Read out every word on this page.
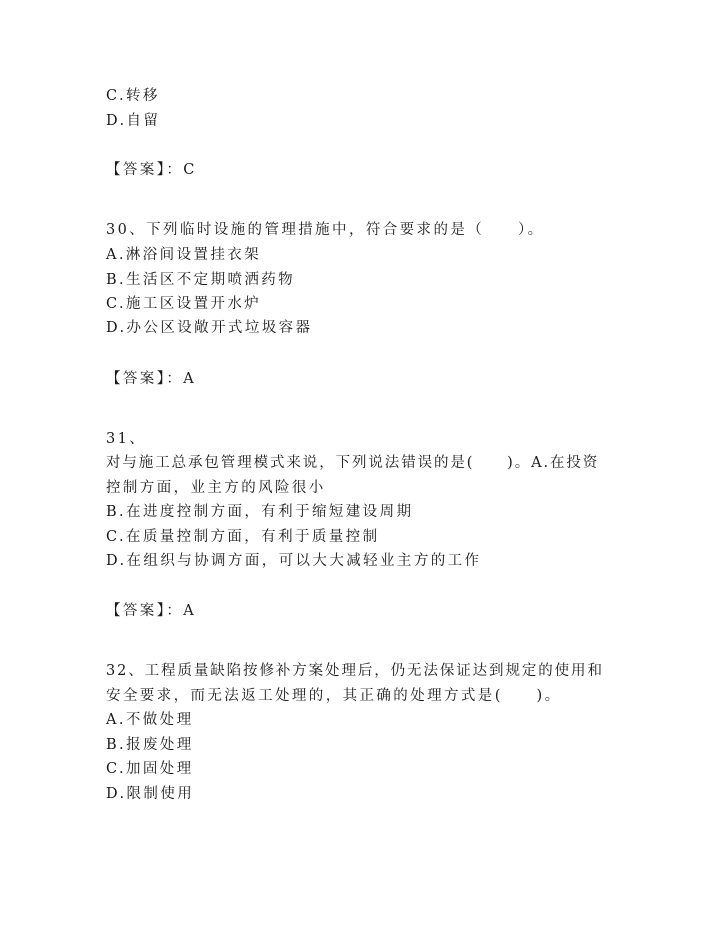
C.转移
D.自留
【答案】：C
30、下列临时设施的管理措施中，符合要求的是（　　）。
A.淋浴间设置挂衣架
B.生活区不定期喷洒药物
C.施工区设置开水炉
D.办公区设敞开式垃圾容器
【答案】：A
31、
对与施工总承包管理模式来说，下列说法错误的是(　　)。A.在投资
控制方面，业主方的风险很小
B.在进度控制方面，有利于缩短建设周期
C.在质量控制方面，有利于质量控制
D.在组织与协调方面，可以大大减轻业主方的工作
【答案】：A
32、工程质量缺陷按修补方案处理后，仍无法保证达到规定的使用和
安全要求，而无法返工处理的，其正确的处理方式是(　　)。
A.不做处理
B.报废处理
C.加固处理
D.限制使用
